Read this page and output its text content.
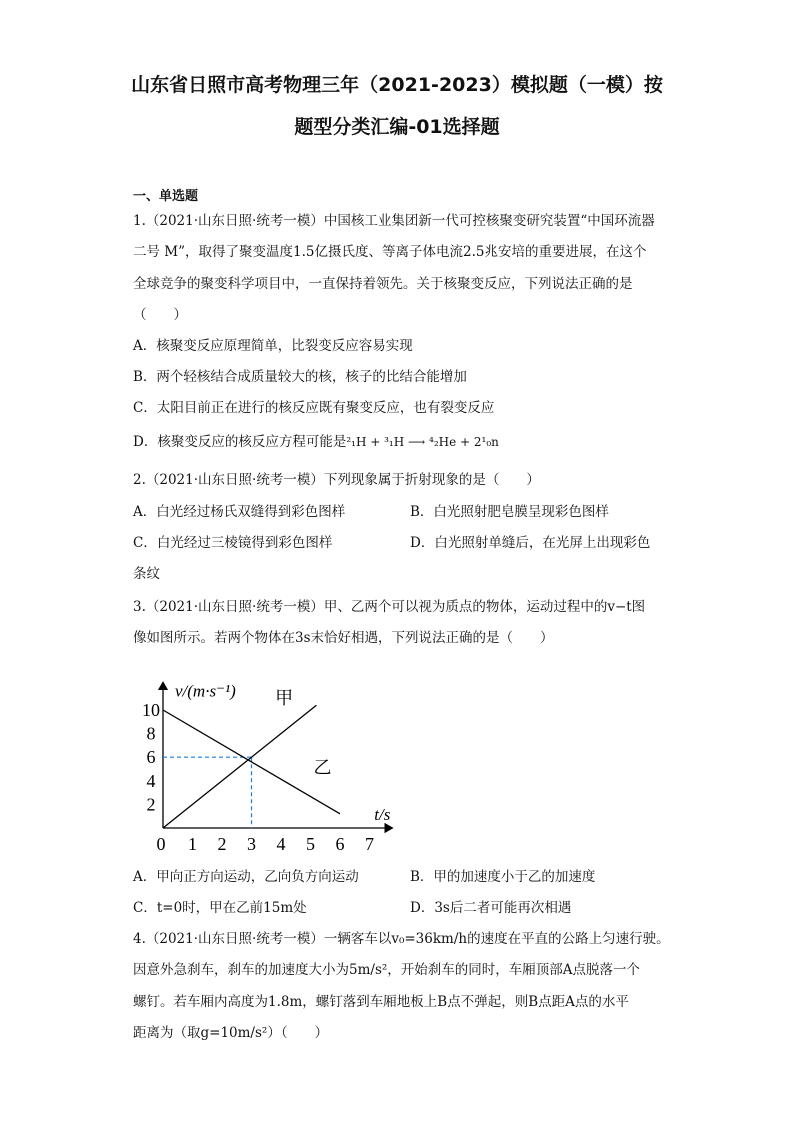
山东省日照市高考物理三年（2021-2023）模拟题（一模）按
题型分类汇编-01选择题
一、单选题
1.（2021·山东日照·统考一模）中国核工业集团新一代可控核聚变研究装置“中国环流器
二号 M”，取得了聚变温度1.5亿摄氏度、等离子体电流2.5兆安培的重要进展，在这个
全球竞争的聚变科学项目中，一直保持着领先。关于核聚变反应，下列说法正确的是
（　　）
A．核聚变反应原理简单，比裂变反应容易实现
B．两个轻核结合成质量较大的核，核子的比结合能增加
C．太阳目前正在进行的核反应既有聚变反应，也有裂变反应
D．核聚变反应的核反应方程可能是²₁H + ³₁H ⟶ ⁴₂He + 2¹₀n
2.（2021·山东日照·统考一模）下列现象属于折射现象的是（　　）
A．白光经过杨氏双缝得到彩色图样	B．白光照射肥皂膜呈现彩色图样
C．白光经过三棱镜得到彩色图样	D．白光照射单缝后，在光屏上出现彩色
条纹
3.（2021·山东日照·统考一模）甲、乙两个可以视为质点的物体，运动过程中的v−t图
像如图所示。若两个物体在3s末恰好相遇，下列说法正确的是（　　）
v/(m·s⁻¹)
t/s
0 1 2 3 4 5 6 7
2
4
6
8
10
甲
乙
A．甲向正方向运动，乙向负方向运动	B．甲的加速度小于乙的加速度
C．t=0时，甲在乙前15m处	D．3s后二者可能再次相遇
4.（2021·山东日照·统考一模）一辆客车以v₀=36km/h的速度在平直的公路上匀速行驶。
因意外急刹车，刹车的加速度大小为5m/s²，开始刹车的同时，车厢顶部A点脱落一个
螺钉。若车厢内高度为1.8m，螺钉落到车厢地板上B点不弹起，则B点距A点的水平
距离为（取g=10m/s²）（　　）
